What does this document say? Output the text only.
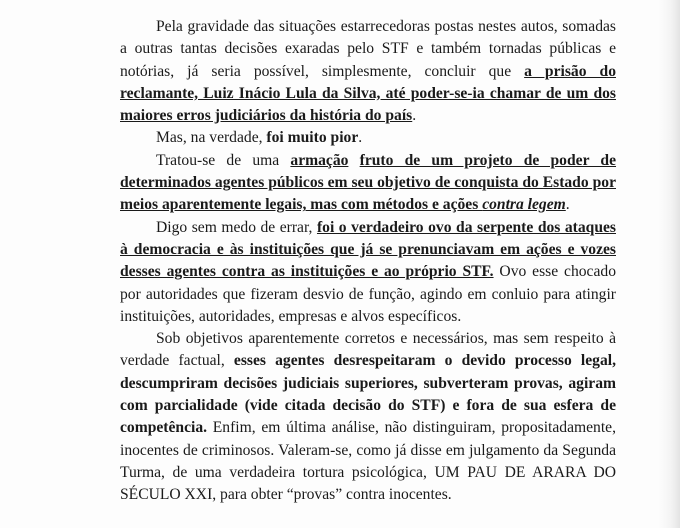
Pela gravidade das situações estarrecedoras postas nestes autos, somadas a outras tantas decisões exaradas pelo STF e também tornadas públicas e notórias, já seria possível, simplesmente, concluir que a prisão do reclamante, Luiz Inácio Lula da Silva, até poder-se-ia chamar de um dos maiores erros judiciários da história do país.

Mas, na verdade, foi muito pior.

Tratou-se de uma armação fruto de um projeto de poder de determinados agentes públicos em seu objetivo de conquista do Estado por meios aparentemente legais, mas com métodos e ações contra legem.

Digo sem medo de errar, foi o verdadeiro ovo da serpente dos ataques à democracia e às instituições que já se prenunciavam em ações e vozes desses agentes contra as instituições e ao próprio STF. Ovo esse chocado por autoridades que fizeram desvio de função, agindo em conluio para atingir instituições, autoridades, empresas e alvos específicos.

Sob objetivos aparentemente corretos e necessários, mas sem respeito à verdade factual, esses agentes desrespeitaram o devido processo legal, descumpriram decisões judiciais superiores, subverteram provas, agiram com parcialidade (vide citada decisão do STF) e fora de sua esfera de competência. Enfim, em última análise, não distinguiram, propositadamente, inocentes de criminosos. Valeram-se, como já disse em julgamento da Segunda Turma, de uma verdadeira tortura psicológica, UM PAU DE ARARA DO SÉCULO XXI, para obter “provas” contra inocentes.
